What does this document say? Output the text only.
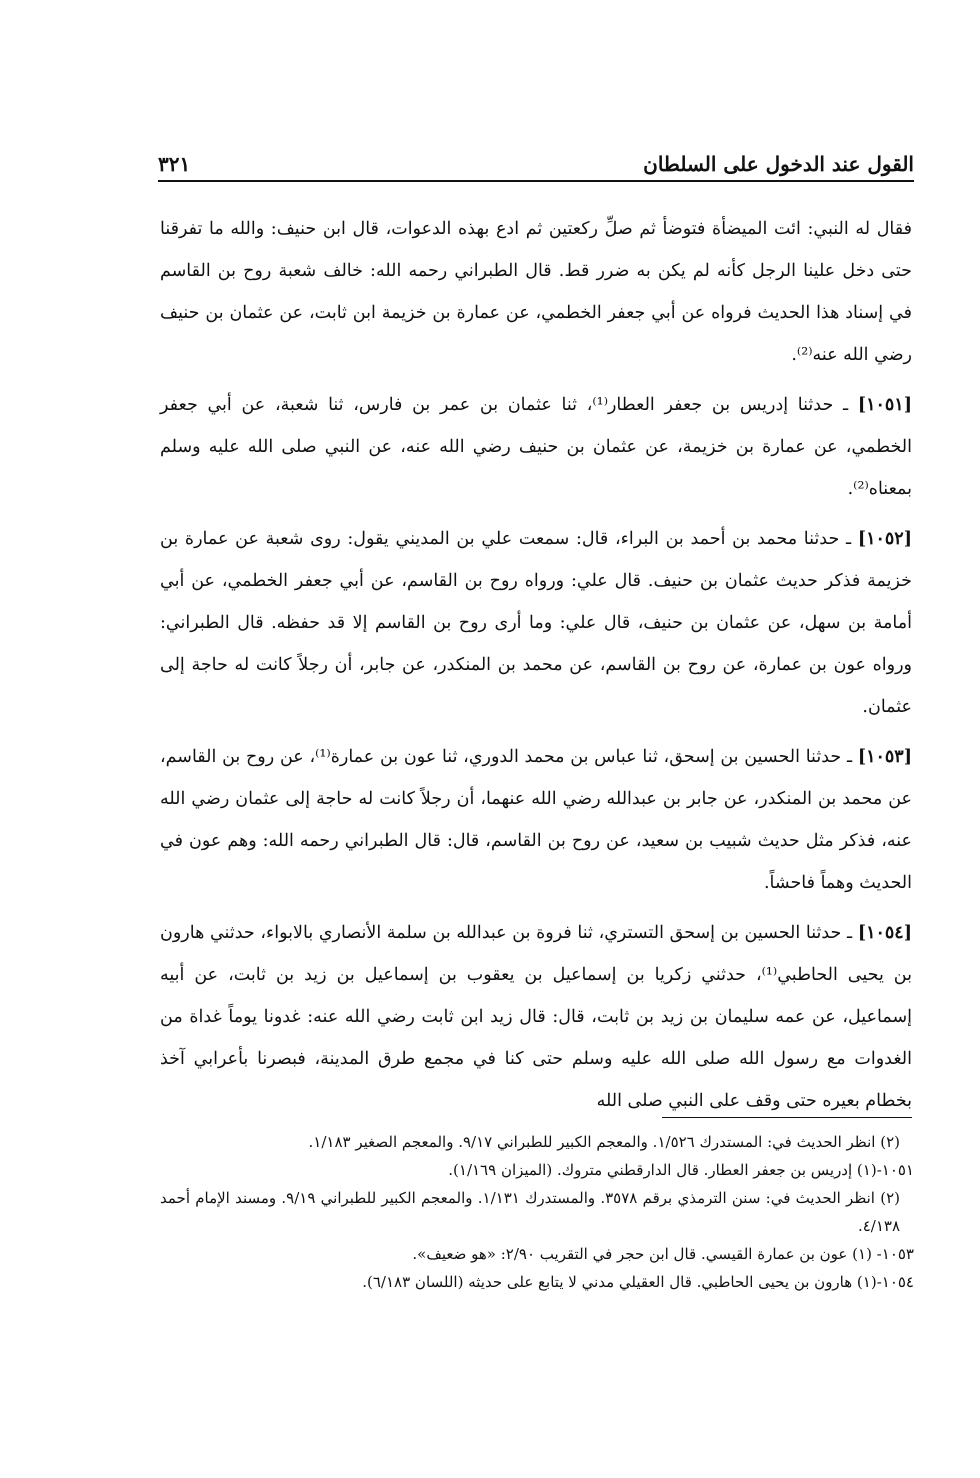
القول عند الدخول على السلطان
٣٢١

فقال له النبي: ائت الميضأة فتوضأ ثم صلِّ ركعتين ثم ادع بهذه الدعوات، قال ابن حنيف: والله ما تفرقنا حتى دخل علينا الرجل كأنه لم يكن به ضرر قط. قال الطبراني رحمه الله: خالف شعبة روح بن القاسم في إسناد هذا الحديث فرواه عن أبي جعفر الخطمي، عن عمارة بن خزيمة ابن ثابت، عن عثمان بن حنيف رضي الله عنه⁽²⁾.

[١٠٥١] ـ حدثنا إدريس بن جعفر العطار⁽¹⁾، ثنا عثمان بن عمر بن فارس، ثنا شعبة، عن أبي جعفر الخطمي، عن عمارة بن خزيمة، عن عثمان بن حنيف رضي الله عنه، عن النبي صلى الله عليه وسلم بمعناه⁽²⁾.

[١٠٥٢] ـ حدثنا محمد بن أحمد بن البراء، قال: سمعت علي بن المديني يقول: روى شعبة عن عمارة بن خزيمة فذكر حديث عثمان بن حنيف. قال علي: ورواه روح بن القاسم، عن أبي جعفر الخطمي، عن أبي أمامة بن سهل، عن عثمان بن حنيف، قال علي: وما أرى روح بن القاسم إلا قد حفظه. قال الطبراني: ورواه عون بن عمارة، عن روح بن القاسم، عن محمد بن المنكدر، عن جابر، أن رجلاً كانت له حاجة إلى عثمان.

[١٠٥٣] ـ حدثنا الحسين بن إسحق، ثنا عباس بن محمد الدوري، ثنا عون بن عمارة⁽¹⁾، عن روح بن القاسم، عن محمد بن المنكدر، عن جابر بن عبدالله رضي الله عنهما، أن رجلاً كانت له حاجة إلى عثمان رضي الله عنه، فذكر مثل حديث شبيب بن سعيد، عن روح بن القاسم، قال: قال الطبراني رحمه الله: وهم عون في الحديث وهماً فاحشاً.

[١٠٥٤] ـ حدثنا الحسين بن إسحق التستري، ثنا فروة بن عبدالله بن سلمة الأنصاري بالابواء، حدثني هارون بن يحيى الحاطبي⁽¹⁾، حدثني زكريا بن إسماعيل بن يعقوب بن إسماعيل بن زيد بن ثابت، عن أبيه إسماعيل، عن عمه سليمان بن زيد بن ثابت، قال: قال زيد ابن ثابت رضي الله عنه: غدونا يوماً غداة من الغدوات مع رسول الله صلى الله عليه وسلم حتى كنا في مجمع طرق المدينة، فبصرنا بأعرابي آخذ بخطام بعيره حتى وقف على النبي صلى الله

(٢) انظر الحديث في: المستدرك ١/٥٢٦. والمعجم الكبير للطبراني ٩/١٧. والمعجم الصغير ١/١٨٣.

١٠٥١-(١) إدريس بن جعفر العطار. قال الدارقطني متروك. (الميزان ١/١٦٩).

(٢) انظر الحديث في: سنن الترمذي برقم ٣٥٧٨. والمستدرك ١/١٣١. والمعجم الكبير للطبراني ٩/١٩. ومسند الإمام أحمد ٤/١٣٨.

١٠٥٣- (١) عون بن عمارة القيسي. قال ابن حجر في التقريب ٢/٩٠: «هو ضعيف».

١٠٥٤-(١) هارون بن يحيى الحاطبي. قال العقيلي مدني لا يتابع على حديثه (اللسان ٦/١٨٣).
